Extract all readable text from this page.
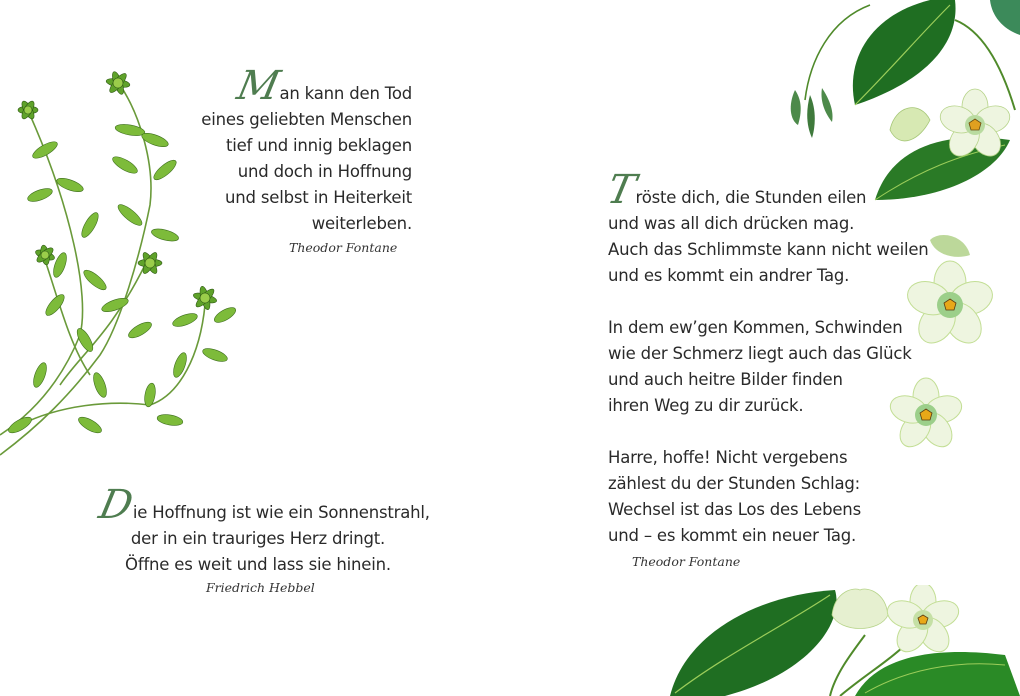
Man kann den Tod
eines geliebten Menschen
tief und innig beklagen
und doch in Hoffnung
und selbst in Heiterkeit
weiterleben.
Theodor Fontane
Die Hoffnung ist wie ein Sonnenstrahl,
der in ein trauriges Herz dringt.
Öffne es weit und lass sie hinein.
Friedrich Hebbel
Tröste dich, die Stunden eilen
und was all dich drücken mag.
Auch das Schlimmste kann nicht weilen
und es kommt ein andrer Tag.
In dem ew’gen Kommen, Schwinden
wie der Schmerz liegt auch das Glück
und auch heitre Bilder finden
ihren Weg zu dir zurück.
Harre, hoffe! Nicht vergebens
zählest du der Stunden Schlag:
Wechsel ist das Los des Lebens
und – es kommt ein neuer Tag.
Theodor Fontane
